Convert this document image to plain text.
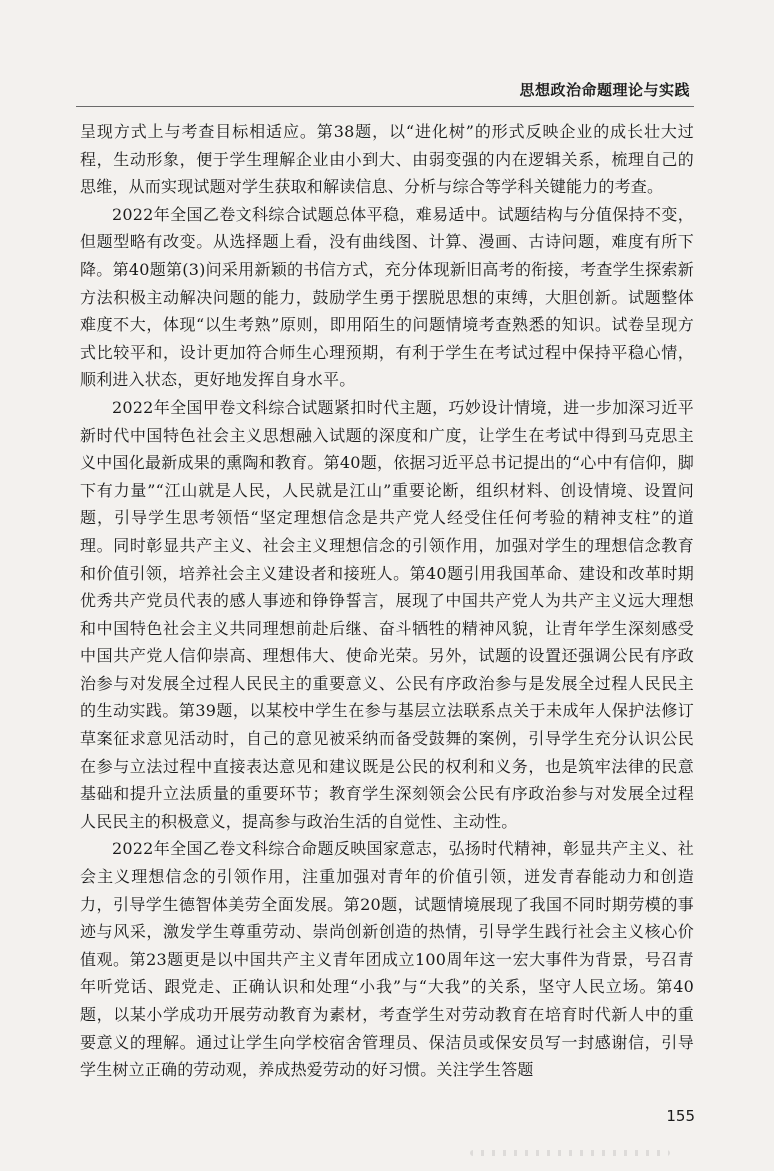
思想政治命题理论与实践

呈现方式上与考查目标相适应。第38题，以“进化树”的形式反映企业的成长壮大过程，生动形象，便于学生理解企业由小到大、由弱变强的内在逻辑关系，梳理自己的思维，从而实现试题对学生获取和解读信息、分析与综合等学科关键能力的考查。

2022年全国乙卷文科综合试题总体平稳，难易适中。试题结构与分值保持不变，但题型略有改变。从选择题上看，没有曲线图、计算、漫画、古诗问题，难度有所下降。第40题第(3)问采用新颖的书信方式，充分体现新旧高考的衔接，考查学生探索新方法积极主动解决问题的能力，鼓励学生勇于摆脱思想的束缚，大胆创新。试题整体难度不大，体现“以生考熟”原则，即用陌生的问题情境考查熟悉的知识。试卷呈现方式比较平和，设计更加符合师生心理预期，有利于学生在考试过程中保持平稳心情，顺利进入状态，更好地发挥自身水平。

2022年全国甲卷文科综合试题紧扣时代主题，巧妙设计情境，进一步加深习近平新时代中国特色社会主义思想融入试题的深度和广度，让学生在考试中得到马克思主义中国化最新成果的熏陶和教育。第40题，依据习近平总书记提出的“心中有信仰，脚下有力量”“江山就是人民，人民就是江山”重要论断，组织材料、创设情境、设置问题，引导学生思考领悟“坚定理想信念是共产党人经受住任何考验的精神支柱”的道理。同时彰显共产主义、社会主义理想信念的引领作用，加强对学生的理想信念教育和价值引领，培养社会主义建设者和接班人。第40题引用我国革命、建设和改革时期优秀共产党员代表的感人事迹和铮铮誓言，展现了中国共产党人为共产主义远大理想和中国特色社会主义共同理想前赴后继、奋斗牺牲的精神风貌，让青年学生深刻感受中国共产党人信仰崇高、理想伟大、使命光荣。另外，试题的设置还强调公民有序政治参与对发展全过程人民民主的重要意义、公民有序政治参与是发展全过程人民民主的生动实践。第39题，以某校中学生在参与基层立法联系点关于未成年人保护法修订草案征求意见活动时，自己的意见被采纳而备受鼓舞的案例，引导学生充分认识公民在参与立法过程中直接表达意见和建议既是公民的权利和义务，也是筑牢法律的民意基础和提升立法质量的重要环节；教育学生深刻领会公民有序政治参与对发展全过程人民民主的积极意义，提高参与政治生活的自觉性、主动性。

2022年全国乙卷文科综合命题反映国家意志，弘扬时代精神，彰显共产主义、社会主义理想信念的引领作用，注重加强对青年的价值引领，迸发青春能动力和创造力，引导学生德智体美劳全面发展。第20题，试题情境展现了我国不同时期劳模的事迹与风采，激发学生尊重劳动、崇尚创新创造的热情，引导学生践行社会主义核心价值观。第23题更是以中国共产主义青年团成立100周年这一宏大事件为背景，号召青年听党话、跟党走、正确认识和处理“小我”与“大我”的关系，坚守人民立场。第40题，以某小学成功开展劳动教育为素材，考查学生对劳动教育在培育时代新人中的重要意义的理解。通过让学生向学校宿舍管理员、保洁员或保安员写一封感谢信，引导学生树立正确的劳动观，养成热爱劳动的好习惯。关注学生答题

155
